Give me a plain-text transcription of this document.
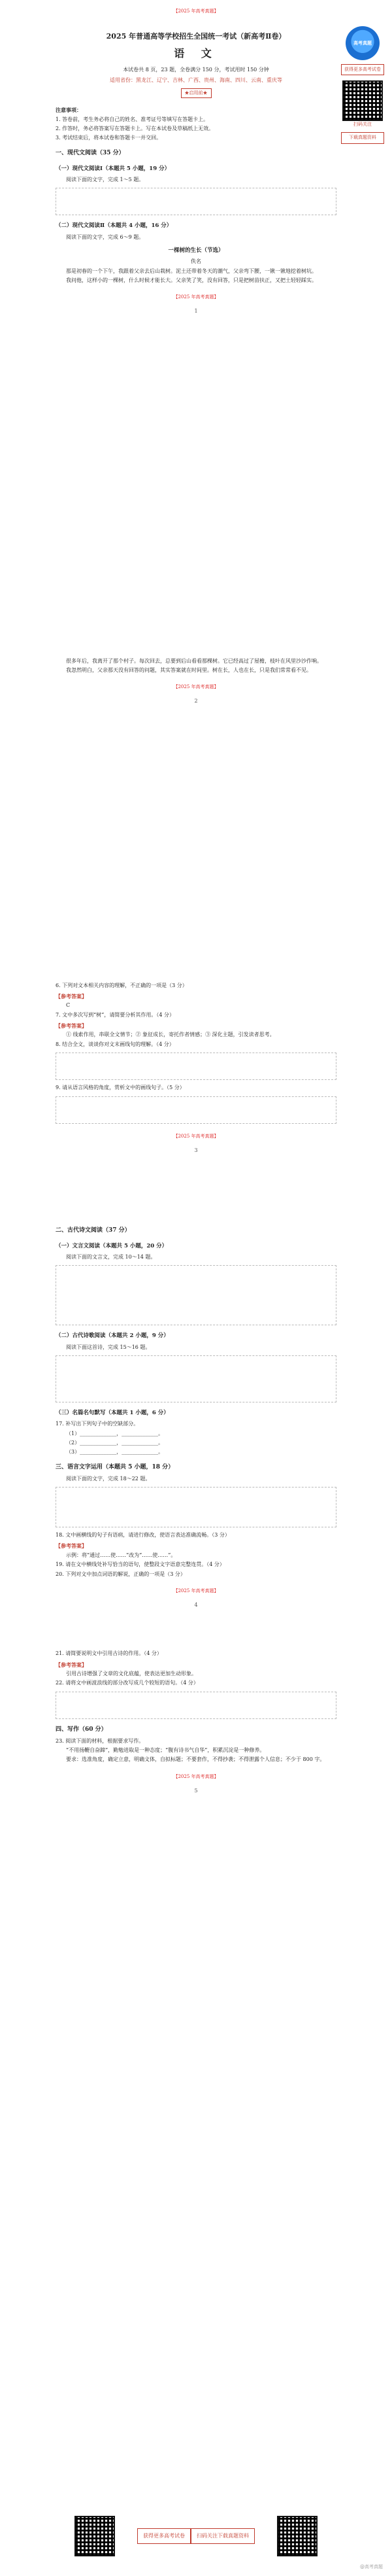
高考真题
获得更多高考试卷
扫码关注
下载真题资料
【2025 年高考真题】
2025 年普通高等学校招生全国统一考试（新高考Ⅱ卷）
语 文
本试卷共 8 页，23 题，全卷满分 150 分，考试用时 150 分钟
适用省份：黑龙江、辽宁、吉林、广西、贵州、海南、四川、云南、重庆等
★启用前★
注意事项：

1. 答卷前，考生务必将自己的姓名、准考证号等填写在答题卡上。

2. 作答时，务必将答案写在答题卡上。写在本试卷及草稿纸上无效。

3. 考试结束后，将本试卷和答题卡一并交回。

一、现代文阅读（35 分）
（一）现代文阅读Ⅰ（本题共 5 小题，19 分）

阅读下面的文字，完成 1～5 题。

（二）现代文阅读Ⅱ（本题共 4 小题，16 分）

阅读下面的文字，完成 6～9 题。

一棵树的生长（节选）
佚名

那是初春的一个下午，我跟着父亲去后山栽树。泥土还带着冬天的潮气，父亲弯下腰，一锹一锹地挖着树坑。

我问他，这样小的一棵树，什么时候才能长大。父亲笑了笑，没有回答，只是把树苗扶正，又把土轻轻踩实。

【2025 年高考真题】
1

很多年后，我离开了那个村子。每次回去，总要到后山看看那棵树。它已经高过了屋檐，枝叶在风里沙沙作响。

我忽然明白，父亲那天没有回答的问题，其实答案就在时间里。树在长，人也在长，只是我们常常看不见。

【2025 年高考真题】
2

6. 下列对文本相关内容的理解，不正确的一项是（3 分）

【参考答案】

C

7. 文中多次写到“树”，请简要分析其作用。（4 分）

【参考答案】

① 线索作用，串联全文情节；② 象征成长，寄托作者情感；③ 深化主题，引发读者思考。

8. 结合全文，谈谈你对文末画线句的理解。（4 分）

9. 请从语言风格的角度，赏析文中的画线句子。（5 分）

【2025 年高考真题】
3
二、古代诗文阅读（37 分）
（一）文言文阅读（本题共 5 小题，20 分）

阅读下面的文言文，完成 10～14 题。

（二）古代诗歌阅读（本题共 2 小题，9 分）

阅读下面这首诗，完成 15～16 题。

（三）名篇名句默写（本题共 1 小题，6 分）

17. 补写出下列句子中的空缺部分。

（1）______________，______________。

（2）______________，______________。

（3）______________，______________。

三、语言文字运用（本题共 5 小题，18 分）

阅读下面的文字，完成 18～22 题。

18. 文中画横线的句子有语病，请进行修改，使语言表达准确流畅。（3 分）

【参考答案】

示例：将“通过……使……”改为“……使……”。

19. 请在文中横线处补写恰当的语句，使整段文字语意完整连贯。（4 分）

20. 下列对文中加点词语的解说，正确的一项是（3 分）

【2025 年高考真题】
4

21. 请简要说明文中引用古诗的作用。（4 分）

【参考答案】

引用古诗增强了文章的文化底蕴，使表达更加生动形象。

22. 请将文中画波浪线的部分改写成几个较短的语句。（4 分）

四、写作（60 分）

23. 阅读下面的材料，根据要求写作。

“不用扬鞭自奋蹄”，勤勉进取是一种态度；“腹有诗书气自华”，积累沉淀是一种修养。

要求：选准角度，确定立意，明确文体，自拟标题；不要套作，不得抄袭；不得泄露个人信息；不少于 800 字。

【2025 年高考真题】
5
获得更多高考试卷	扫码关注下载真题资料
@高考真题
